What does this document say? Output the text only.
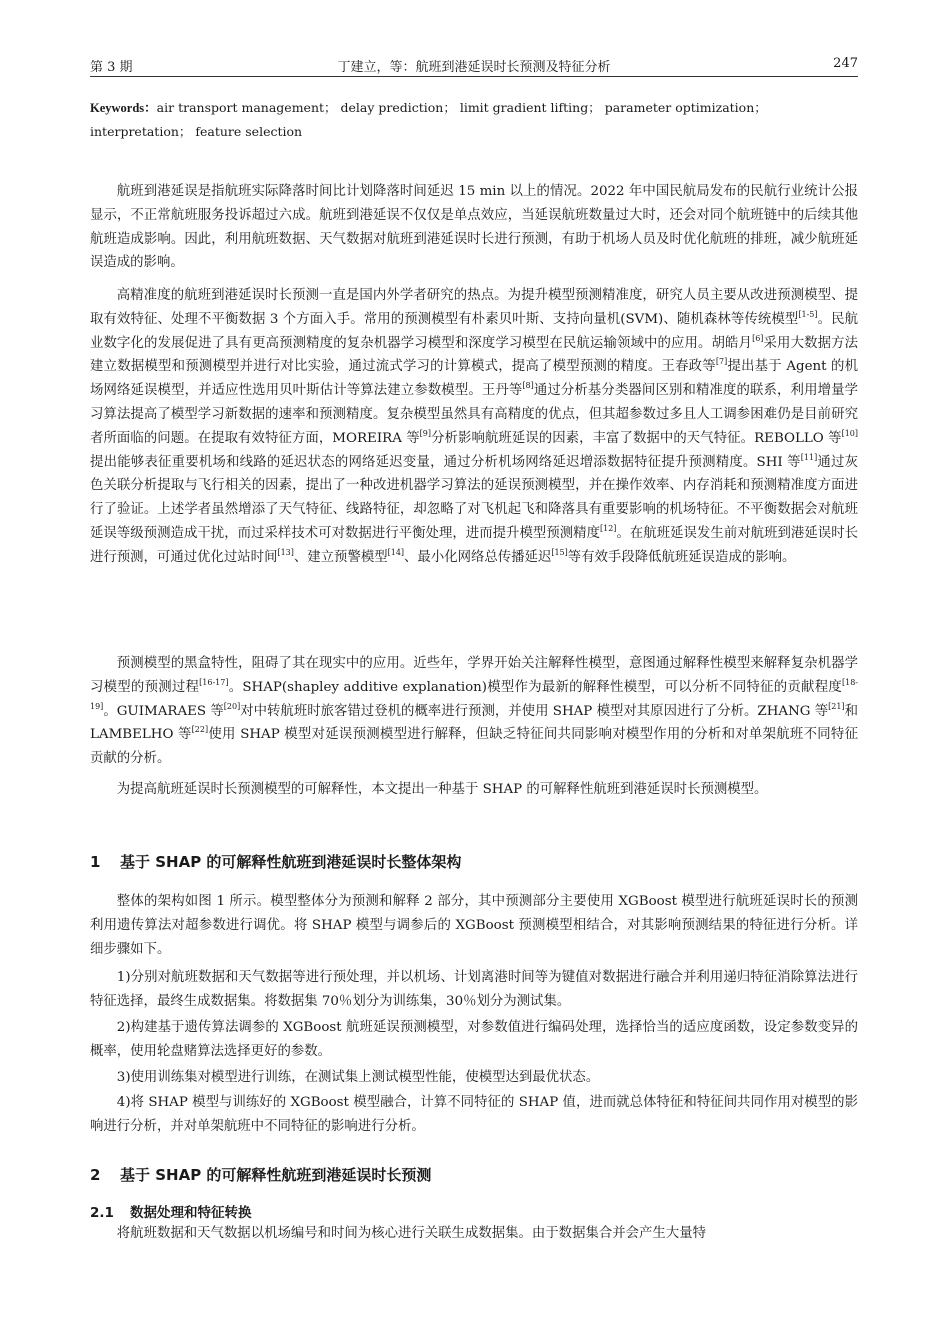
第 3 期	丁建立，等：航班到港延误时长预测及特征分析	247
Keywords：air transport management； delay prediction； limit gradient lifting； parameter optimization； interpretation； feature selection

航班到港延误是指航班实际降落时间比计划降落时间延迟 15 min 以上的情况。2022 年中国民航局发布的民航行业统计公报显示，不正常航班服务投诉超过六成。航班到港延误不仅仅是单点效应，当延误航班数量过大时，还会对同个航班链中的后续其他航班造成影响。因此，利用航班数据、天气数据对航班到港延误时长进行预测，有助于机场人员及时优化航班的排班，减少航班延误造成的影响。

高精准度的航班到港延误时长预测一直是国内外学者研究的热点。为提升模型预测精准度，研究人员主要从改进预测模型、提取有效特征、处理不平衡数据 3 个方面入手。常用的预测模型有朴素贝叶斯、支持向量机(SVM)、随机森林等传统模型[1-5]。民航业数字化的发展促进了具有更高预测精度的复杂机器学习模型和深度学习模型在民航运输领域中的应用。胡皓月[6]采用大数据方法建立数据模型和预测模型并进行对比实验，通过流式学习的计算模式，提高了模型预测的精度。王春政等[7]提出基于 Agent 的机场网络延误模型，并适应性选用贝叶斯估计等算法建立参数模型。王丹等[8]通过分析基分类器间区别和精准度的联系，利用增量学习算法提高了模型学习新数据的速率和预测精度。复杂模型虽然具有高精度的优点，但其超参数过多且人工调参困难仍是目前研究者所面临的问题。在提取有效特征方面，MOREIRA 等[9]分析影响航班延误的因素，丰富了数据中的天气特征。REBOLLO 等[10]提出能够表征重要机场和线路的延迟状态的网络延迟变量，通过分析机场网络延迟增添数据特征提升预测精度。SHI 等[11]通过灰色关联分析提取与飞行相关的因素，提出了一种改进机器学习算法的延误预测模型，并在操作效率、内存消耗和预测精准度方面进行了验证。上述学者虽然增添了天气特征、线路特征，却忽略了对飞机起飞和降落具有重要影响的机场特征。不平衡数据会对航班延误等级预测造成干扰，而过采样技术可对数据进行平衡处理，进而提升模型预测精度[12]。在航班延误发生前对航班到港延误时长进行预测，可通过优化过站时间[13]、建立预警模型[14]、最小化网络总传播延迟[15]等有效手段降低航班延误造成的影响。

预测模型的黑盒特性，阻碍了其在现实中的应用。近些年，学界开始关注解释性模型，意图通过解释性模型来解释复杂机器学习模型的预测过程[16-17]。SHAP(shapley additive explanation)模型作为最新的解释性模型，可以分析不同特征的贡献程度[18-19]。GUIMARAES 等[20]对中转航班时旅客错过登机的概率进行预测，并使用 SHAP 模型对其原因进行了分析。ZHANG 等[21]和 LAMBELHO 等[22]使用 SHAP 模型对延误预测模型进行解释，但缺乏特征间共同影响对模型作用的分析和对单架航班不同特征贡献的分析。

为提高航班延误时长预测模型的可解释性，本文提出一种基于 SHAP 的可解释性航班到港延误时长预测模型。

1 基于 SHAP 的可解释性航班到港延误时长整体架构

整体的架构如图 1 所示。模型整体分为预测和解释 2 部分，其中预测部分主要使用 XGBoost 模型进行航班延误时长的预测利用遗传算法对超参数进行调优。将 SHAP 模型与调参后的 XGBoost 预测模型相结合，对其影响预测结果的特征进行分析。详细步骤如下。

1)分别对航班数据和天气数据等进行预处理，并以机场、计划离港时间等为键值对数据进行融合并利用递归特征消除算法进行特征选择，最终生成数据集。将数据集 70％划分为训练集，30％划分为测试集。

2)构建基于遗传算法调参的 XGBoost 航班延误预测模型，对参数值进行编码处理，选择恰当的适应度函数，设定参数变异的概率，使用轮盘赌算法选择更好的参数。

3)使用训练集对模型进行训练，在测试集上测试模型性能，使模型达到最优状态。

4)将 SHAP 模型与训练好的 XGBoost 模型融合，计算不同特征的 SHAP 值，进而就总体特征和特征间共同作用对模型的影响进行分析，并对单架航班中不同特征的影响进行分析。

2 基于 SHAP 的可解释性航班到港延误时长预测
2.1 数据处理和特征转换

将航班数据和天气数据以机场编号和时间为核心进行关联生成数据集。由于数据集合并会产生大量特
